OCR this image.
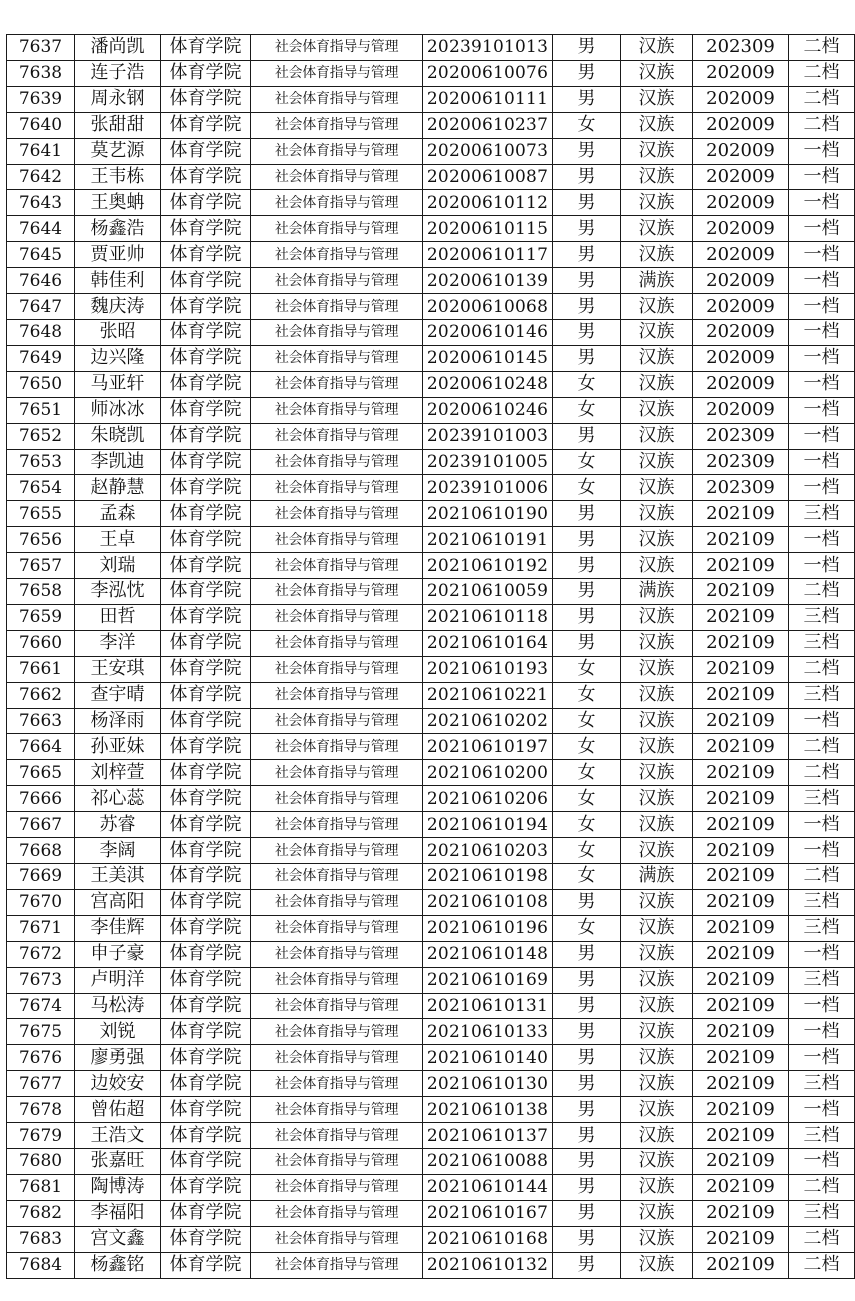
7637	潘尚凯	体育学院	社会体育指导与管理	20239101013	男	汉族	202309	二档
7638	连子浩	体育学院	社会体育指导与管理	20200610076	男	汉族	202009	二档
7639	周永钢	体育学院	社会体育指导与管理	20200610111	男	汉族	202009	二档
7640	张甜甜	体育学院	社会体育指导与管理	20200610237	女	汉族	202009	二档
7641	莫艺源	体育学院	社会体育指导与管理	20200610073	男	汉族	202009	一档
7642	王韦栋	体育学院	社会体育指导与管理	20200610087	男	汉族	202009	一档
7643	王奥蚺	体育学院	社会体育指导与管理	20200610112	男	汉族	202009	一档
7644	杨鑫浩	体育学院	社会体育指导与管理	20200610115	男	汉族	202009	一档
7645	贾亚帅	体育学院	社会体育指导与管理	20200610117	男	汉族	202009	一档
7646	韩佳利	体育学院	社会体育指导与管理	20200610139	男	满族	202009	一档
7647	魏庆涛	体育学院	社会体育指导与管理	20200610068	男	汉族	202009	一档
7648	张昭	体育学院	社会体育指导与管理	20200610146	男	汉族	202009	一档
7649	边兴隆	体育学院	社会体育指导与管理	20200610145	男	汉族	202009	一档
7650	马亚轩	体育学院	社会体育指导与管理	20200610248	女	汉族	202009	一档
7651	师冰冰	体育学院	社会体育指导与管理	20200610246	女	汉族	202009	一档
7652	朱晓凯	体育学院	社会体育指导与管理	20239101003	男	汉族	202309	一档
7653	李凯迪	体育学院	社会体育指导与管理	20239101005	女	汉族	202309	一档
7654	赵静慧	体育学院	社会体育指导与管理	20239101006	女	汉族	202309	一档
7655	孟森	体育学院	社会体育指导与管理	20210610190	男	汉族	202109	三档
7656	王卓	体育学院	社会体育指导与管理	20210610191	男	汉族	202109	一档
7657	刘瑞	体育学院	社会体育指导与管理	20210610192	男	汉族	202109	一档
7658	李泓忱	体育学院	社会体育指导与管理	20210610059	男	满族	202109	二档
7659	田哲	体育学院	社会体育指导与管理	20210610118	男	汉族	202109	三档
7660	李洋	体育学院	社会体育指导与管理	20210610164	男	汉族	202109	三档
7661	王安琪	体育学院	社会体育指导与管理	20210610193	女	汉族	202109	二档
7662	查宇晴	体育学院	社会体育指导与管理	20210610221	女	汉族	202109	三档
7663	杨泽雨	体育学院	社会体育指导与管理	20210610202	女	汉族	202109	一档
7664	孙亚妹	体育学院	社会体育指导与管理	20210610197	女	汉族	202109	二档
7665	刘梓萱	体育学院	社会体育指导与管理	20210610200	女	汉族	202109	二档
7666	祁心蕊	体育学院	社会体育指导与管理	20210610206	女	汉族	202109	三档
7667	苏睿	体育学院	社会体育指导与管理	20210610194	女	汉族	202109	一档
7668	李阔	体育学院	社会体育指导与管理	20210610203	女	汉族	202109	一档
7669	王美淇	体育学院	社会体育指导与管理	20210610198	女	满族	202109	二档
7670	宫高阳	体育学院	社会体育指导与管理	20210610108	男	汉族	202109	三档
7671	李佳辉	体育学院	社会体育指导与管理	20210610196	女	汉族	202109	三档
7672	申子豪	体育学院	社会体育指导与管理	20210610148	男	汉族	202109	一档
7673	卢明洋	体育学院	社会体育指导与管理	20210610169	男	汉族	202109	三档
7674	马松涛	体育学院	社会体育指导与管理	20210610131	男	汉族	202109	一档
7675	刘锐	体育学院	社会体育指导与管理	20210610133	男	汉族	202109	一档
7676	廖勇强	体育学院	社会体育指导与管理	20210610140	男	汉族	202109	一档
7677	边姣安	体育学院	社会体育指导与管理	20210610130	男	汉族	202109	三档
7678	曾佑超	体育学院	社会体育指导与管理	20210610138	男	汉族	202109	一档
7679	王浩文	体育学院	社会体育指导与管理	20210610137	男	汉族	202109	三档
7680	张嘉旺	体育学院	社会体育指导与管理	20210610088	男	汉族	202109	一档
7681	陶博涛	体育学院	社会体育指导与管理	20210610144	男	汉族	202109	二档
7682	李福阳	体育学院	社会体育指导与管理	20210610167	男	汉族	202109	三档
7683	宫文鑫	体育学院	社会体育指导与管理	20210610168	男	汉族	202109	二档
7684	杨鑫铭	体育学院	社会体育指导与管理	20210610132	男	汉族	202109	二档
